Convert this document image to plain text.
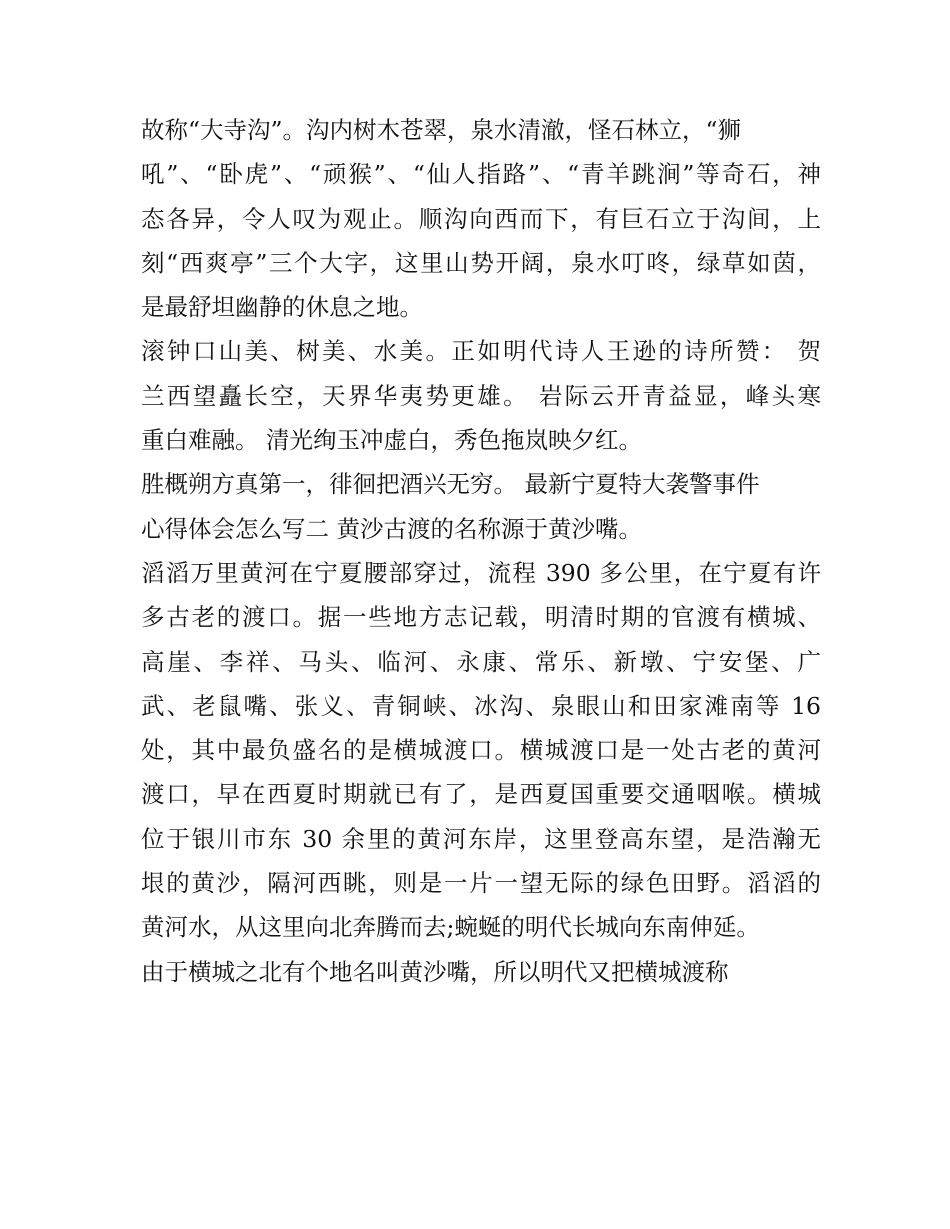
故称“大寺沟”。沟内树木苍翠，泉水清澈，怪石林立，“狮
吼”、“卧虎”、“顽猴”、“仙人指路”、“青羊跳涧”等奇石，神
态各异，令人叹为观止。顺沟向西而下，有巨石立于沟间，上
刻“西爽亭”三个大字，这里山势开阔，泉水叮咚，绿草如茵，
是最舒坦幽静的休息之地。
滚钟口山美、树美、水美。正如明代诗人王逊的诗所赞： 贺
兰西望矗长空，天界华夷势更雄。 岩际云开青益显，峰头寒
重白难融。 清光绚玉冲虚白，秀色拖岚映夕红。
胜概朔方真第一，徘徊把酒兴无穷。 最新宁夏特大袭警事件
心得体会怎么写二 黄沙古渡的名称源于黄沙嘴。
滔滔万里黄河在宁夏腰部穿过，流程 390 多公里，在宁夏有许
多古老的渡口。据一些地方志记载，明清时期的官渡有横城、
高崖、李祥、马头、临河、永康、常乐、新墩、宁安堡、广
武、老鼠嘴、张义、青铜峡、冰沟、泉眼山和田家滩南等 16
处，其中最负盛名的是横城渡口。横城渡口是一处古老的黄河
渡口，早在西夏时期就已有了，是西夏国重要交通咽喉。横城
位于银川市东 30 余里的黄河东岸，这里登高东望，是浩瀚无
垠的黄沙，隔河西眺，则是一片一望无际的绿色田野。滔滔的
黄河水，从这里向北奔腾而去;蜿蜒的明代长城向东南伸延。
由于横城之北有个地名叫黄沙嘴，所以明代又把横城渡称
